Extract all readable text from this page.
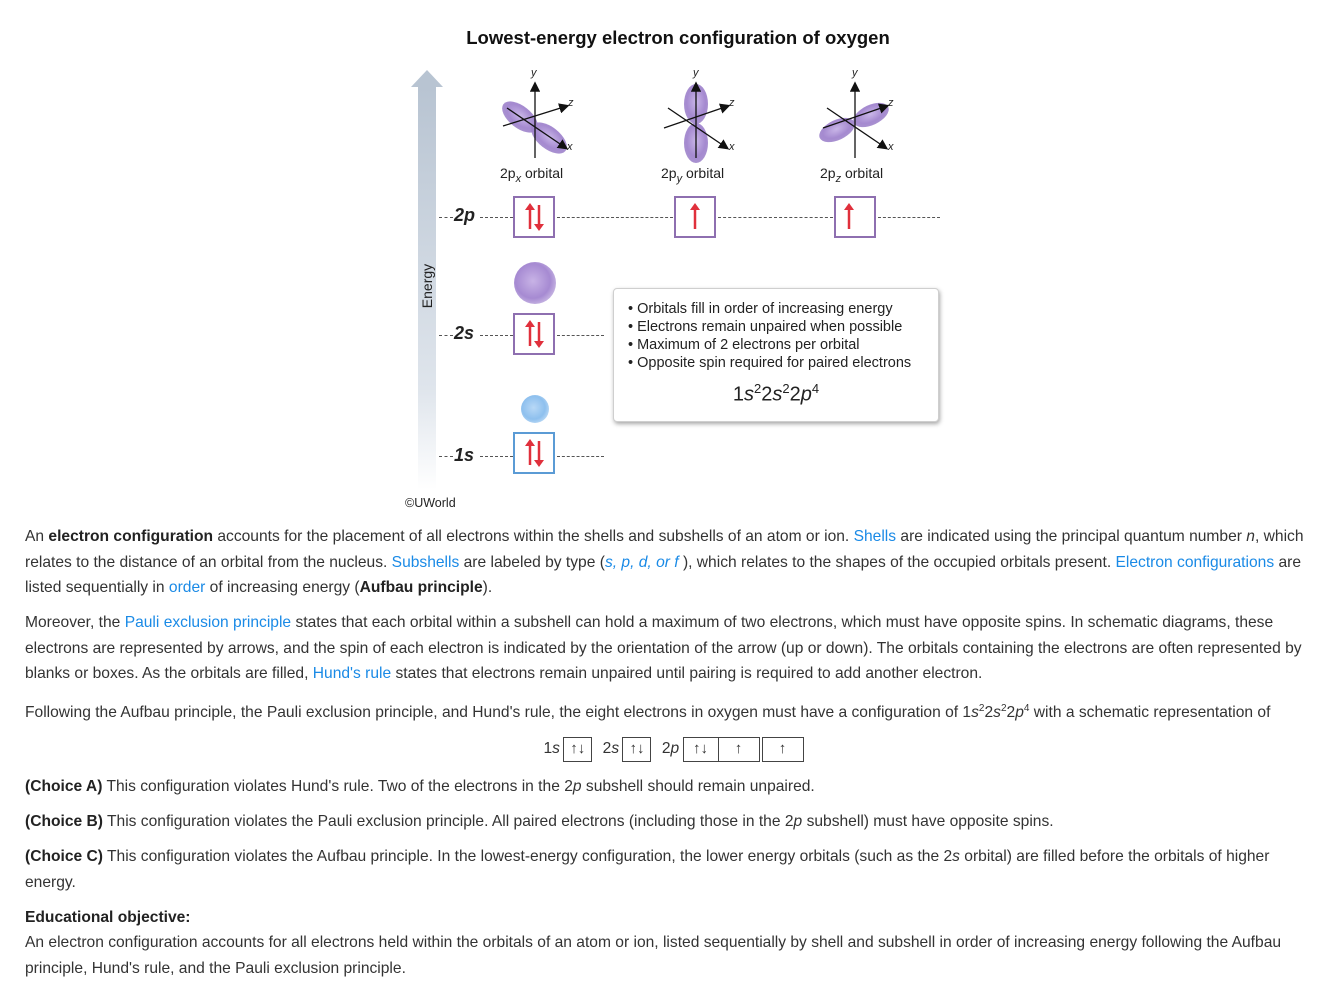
Lowest-energy electron configuration of oxygen
y
z
x
y
z
x
y
z
x
$2p_x$ orbital	$2p_y$ orbital	$2p_z$ orbital
Energy
2p
2s
1s
• Orbitals fill in order of increasing energy
• Electrons remain unpaired when possible
• Maximum of 2 electrons per orbital
• Opposite spin required for paired electrons
$1s^22s^22p^4$
©UWorld

An electron configuration accounts for the placement of all electrons within the shells and subshells of an atom or ion. Shells are indicated using the principal quantum number n, which relates to the distance of an orbital from the nucleus. Subshells are labeled by type (s, p, d, or f ), which relates to the shapes of the occupied orbitals present. Electron configurations are listed sequentially in order of increasing energy (Aufbau principle).

Moreover, the Pauli exclusion principle states that each orbital within a subshell can hold a maximum of two electrons, which must have opposite spins. In schematic diagrams, these electrons are represented by arrows, and the spin of each electron is indicated by the orientation of the arrow (up or down). The orbitals containing the electrons are often represented by blanks or boxes. As the orbitals are filled, Hund's rule states that electrons remain unpaired until pairing is required to add another electron.

Following the Aufbau principle, the Pauli exclusion principle, and Hund's rule, the eight electrons in oxygen must have a configuration of $1s^22s^22p^4$ with a schematic representation of

1s ↑↓ 2s ↑↓ 2p ↑↓ ↑ ↑

(Choice A) This configuration violates Hund's rule. Two of the electrons in the 2p subshell should remain unpaired.

(Choice B) This configuration violates the Pauli exclusion principle. All paired electrons (including those in the 2p subshell) must have opposite spins.

(Choice C) This configuration violates the Aufbau principle. In the lowest-energy configuration, the lower energy orbitals (such as the 2s orbital) are filled before the orbitals of higher energy.

Educational objective:

An electron configuration accounts for all electrons held within the orbitals of an atom or ion, listed sequentially by shell and subshell in order of increasing energy following the Aufbau principle, Hund's rule, and the Pauli exclusion principle.
